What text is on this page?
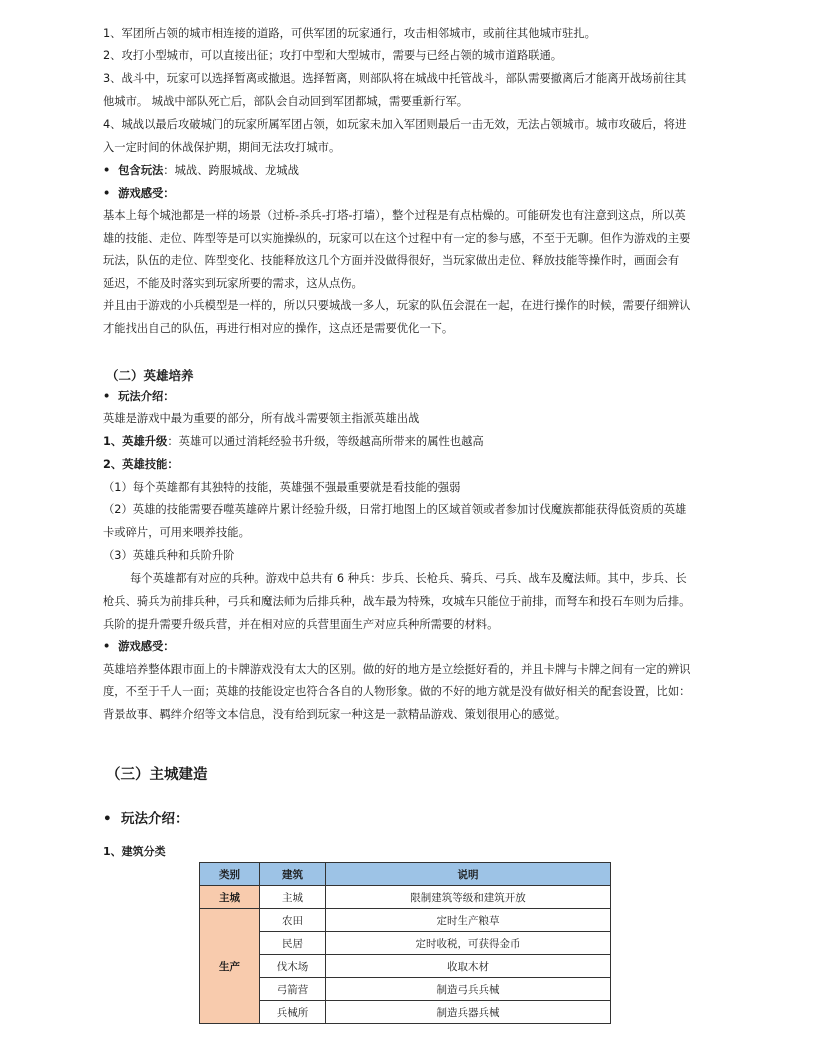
1、军团所占领的城市相连接的道路，可供军团的玩家通行，攻击相邻城市，或前往其他城市驻扎。
2、攻打小型城市，可以直接出征；攻打中型和大型城市，需要与已经占领的城市道路联通。
3、战斗中，玩家可以选择暂离或撤退。选择暂离，则部队将在城战中托管战斗，部队需要撤离后才能离开战场前往其
他城市。 城战中部队死亡后，部队会自动回到军团都城，需要重新行军。
4、城战以最后攻破城门的玩家所属军团占领，如玩家未加入军团则最后一击无效，无法占领城市。城市攻破后，将进
入一定时间的休战保护期，期间无法攻打城市。
•  包含玩法：城战、跨服城战、龙城战
•  游戏感受：
基本上每个城池都是一样的场景（过桥-杀兵-打塔-打墙），整个过程是有点枯燥的。可能研发也有注意到这点，所以英
雄的技能、走位、阵型等是可以实施操纵的，玩家可以在这个过程中有一定的参与感，不至于无聊。但作为游戏的主要
玩法，队伍的走位、阵型变化、技能释放这几个方面并没做得很好，当玩家做出走位、释放技能等操作时，画面会有
延迟，不能及时落实到玩家所要的需求，这从点伤。
并且由于游戏的小兵模型是一样的，所以只要城战一多人，玩家的队伍会混在一起，在进行操作的时候，需要仔细辨认
才能找出自己的队伍，再进行相对应的操作，这点还是需要优化一下。
（二）英雄培养
•  玩法介绍：
英雄是游戏中最为重要的部分，所有战斗需要领主指派英雄出战
1、英雄升级：英雄可以通过消耗经验书升级，等级越高所带来的属性也越高
2、英雄技能：
（1）每个英雄都有其独特的技能，英雄强不强最重要就是看技能的强弱
（2）英雄的技能需要吞噬英雄碎片累计经验升级，日常打地图上的区域首领或者参加讨伐魔族都能获得低资质的英雄
卡或碎片，可用来喂养技能。
（3）英雄兵种和兵阶升阶
每个英雄都有对应的兵种。游戏中总共有 6 种兵：步兵、长枪兵、骑兵、弓兵、战车及魔法师。其中，步兵、长
枪兵、骑兵为前排兵种，弓兵和魔法师为后排兵种，战车最为特殊，攻城车只能位于前排，而弩车和投石车则为后排。
兵阶的提升需要升级兵营，并在相对应的兵营里面生产对应兵种所需要的材料。
•  游戏感受：
英雄培养整体跟市面上的卡牌游戏没有太大的区别。做的好的地方是立绘挺好看的，并且卡牌与卡牌之间有一定的辨识
度，不至于千人一面；英雄的技能设定也符合各自的人物形象。做的不好的地方就是没有做好相关的配套设置，比如：
背景故事、羁绊介绍等文本信息，没有给到玩家一种这是一款精品游戏、策划很用心的感觉。
（三）主城建造
•  玩法介绍：
1、建筑分类
类别	建筑	说明
主城	主城	限制建筑等级和建筑开放
生产	农田	定时生产粮草
	民居	定时收税，可获得金币
	伐木场	收取木材
	弓箭营	制造弓兵兵械
	兵械所	制造兵器兵械
